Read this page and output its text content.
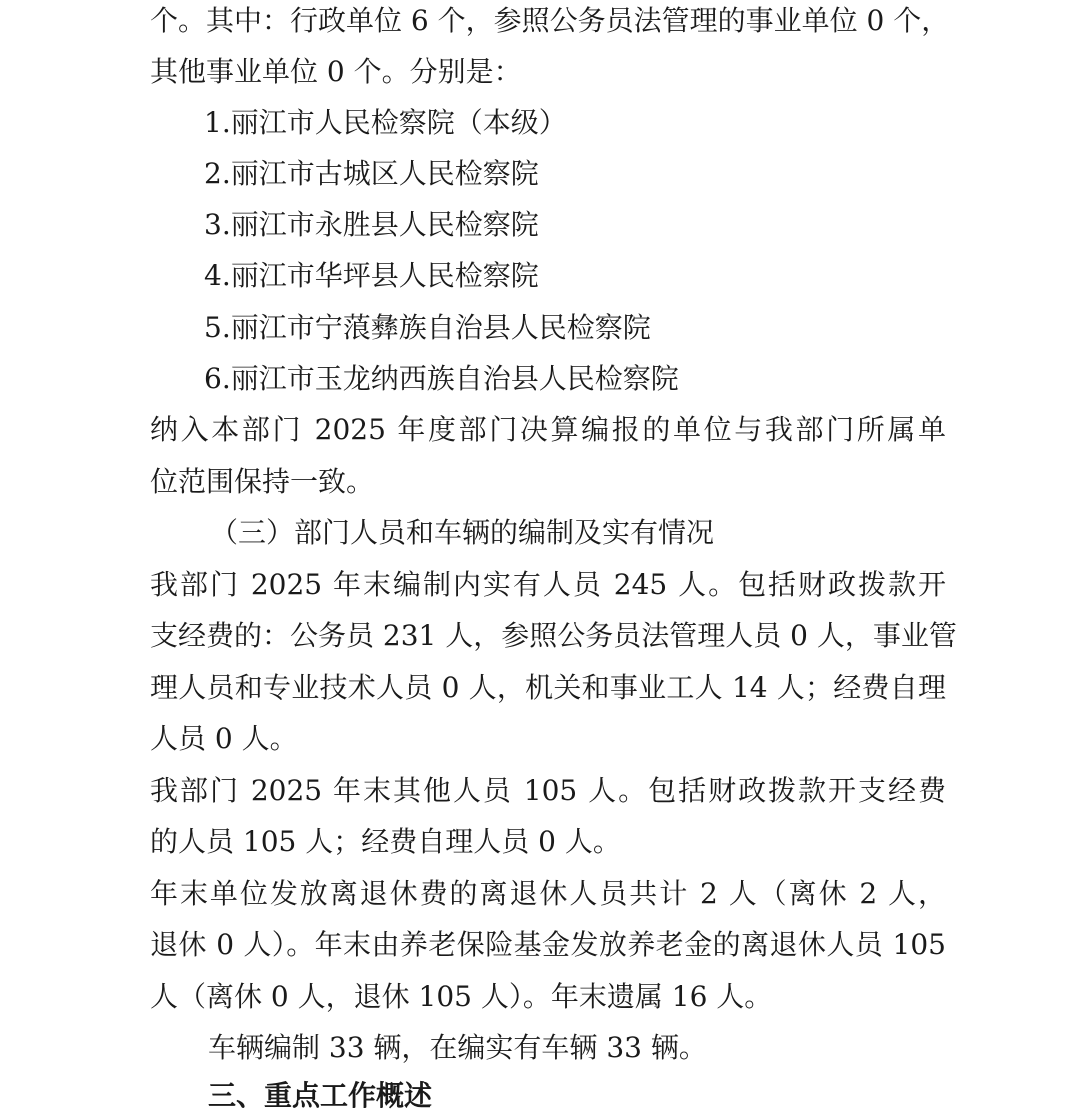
个。其中：行政单位 6 个，参照公务员法管理的事业单位 0 个，
其他事业单位 0 个。分别是：
1.丽江市人民检察院（本级）
2.丽江市古城区人民检察院
3.丽江市永胜县人民检察院
4.丽江市华坪县人民检察院
5.丽江市宁蒗彝族自治县人民检察院
6.丽江市玉龙纳西族自治县人民检察院
纳入本部门 2025 年度部门决算编报的单位与我部门所属单
位范围保持一致。
（三）部门人员和车辆的编制及实有情况
我部门 2025 年末编制内实有人员 245 人。包括财政拨款开
支经费的：公务员 231 人，参照公务员法管理人员 0 人，事业管
理人员和专业技术人员 0 人，机关和事业工人 14 人；经费自理
人员 0 人。
我部门 2025 年末其他人员 105 人。包括财政拨款开支经费
的人员 105 人；经费自理人员 0 人。
年末单位发放离退休费的离退休人员共计 2 人（离休 2 人，
退休 0 人）。年末由养老保险基金发放养老金的离退休人员 105
人（离休 0 人，退休 105 人）。年末遗属 16 人。
车辆编制 33 辆，在编实有车辆 33 辆。
三、重点工作概述
